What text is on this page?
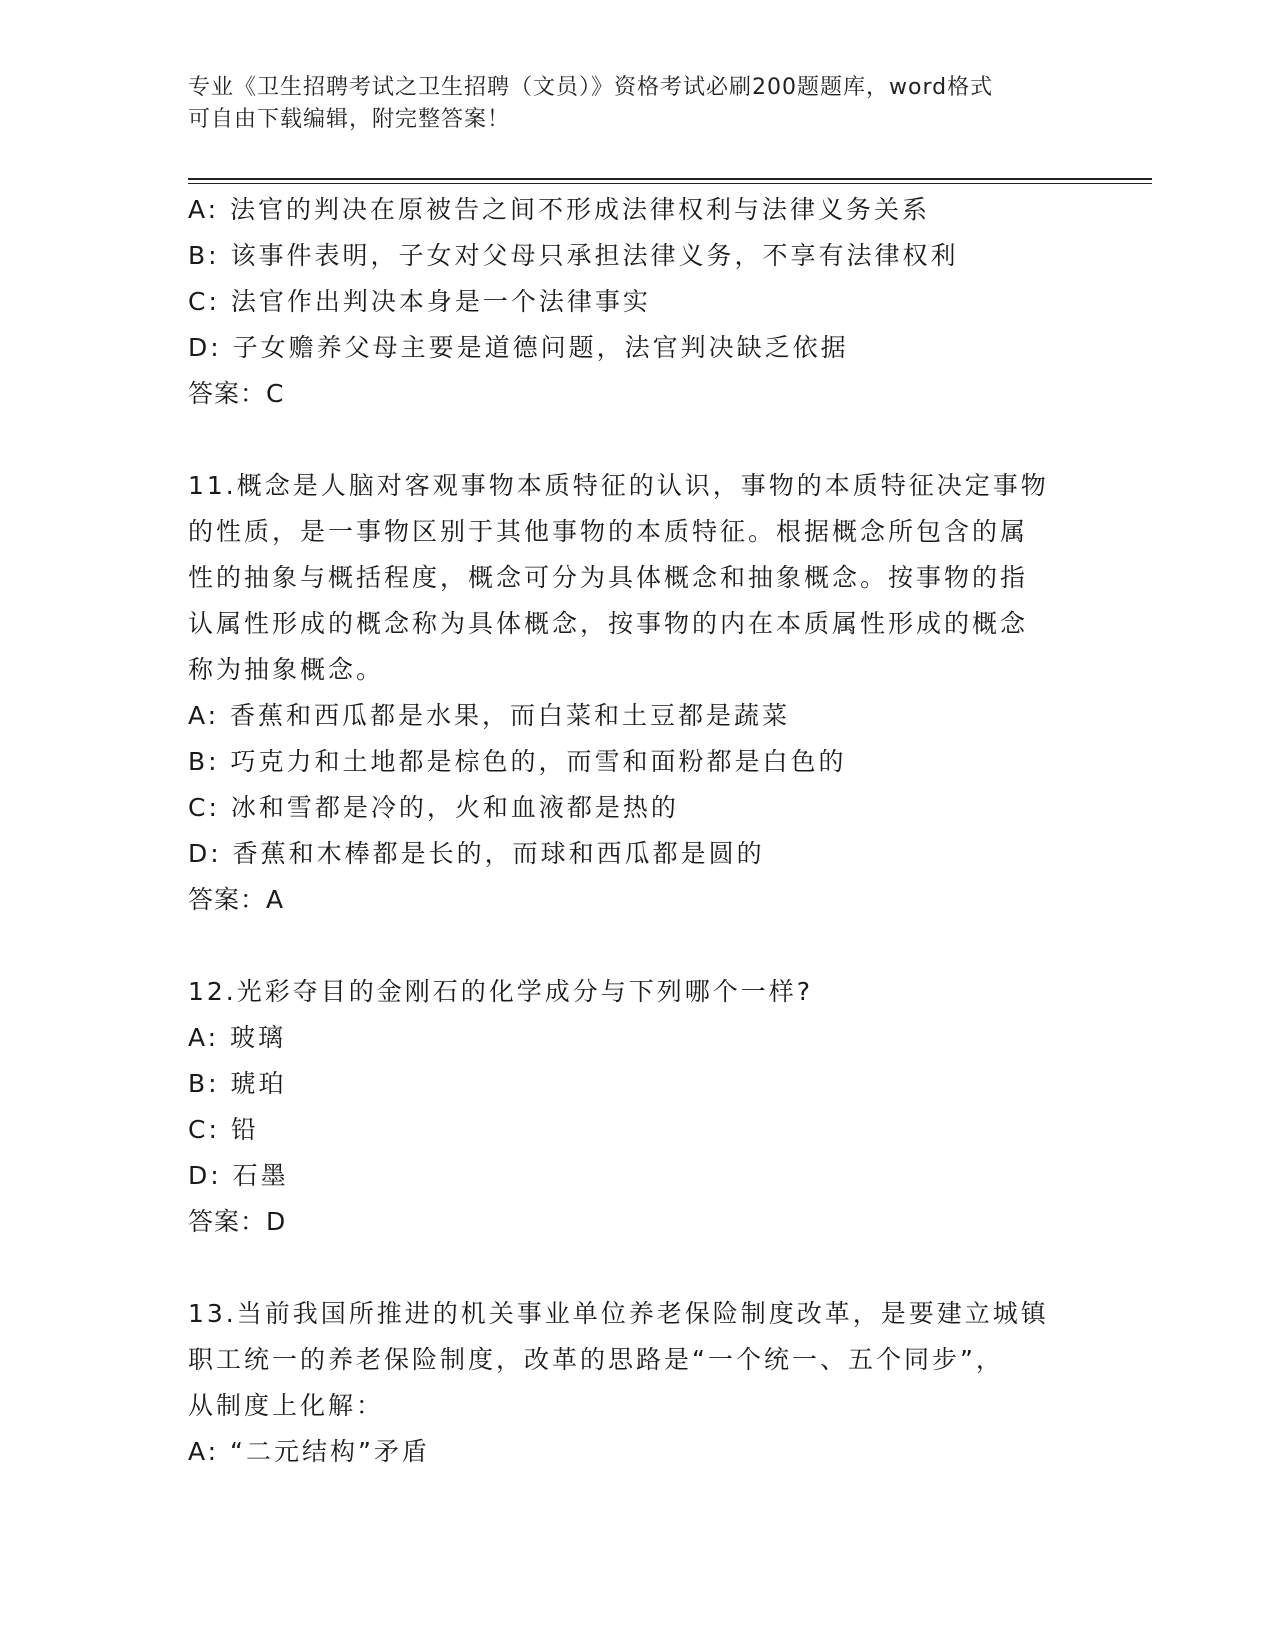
专业《卫生招聘考试之卫生招聘（文员）》资格考试必刷200题题库，word格式
可自由下载编辑，附完整答案！
A: 法官的判决在原被告之间不形成法律权利与法律义务关系
B: 该事件表明，子女对父母只承担法律义务，不享有法律权利
C: 法官作出判决本身是一个法律事实
D: 子女赡养父母主要是道德问题，法官判决缺乏依据
答案：C
11.概念是人脑对客观事物本质特征的认识，事物的本质特征决定事物
的性质，是一事物区别于其他事物的本质特征。根据概念所包含的属
性的抽象与概括程度，概念可分为具体概念和抽象概念。按事物的指
认属性形成的概念称为具体概念，按事物的内在本质属性形成的概念
称为抽象概念。
A: 香蕉和西瓜都是水果，而白菜和土豆都是蔬菜
B: 巧克力和土地都是棕色的，而雪和面粉都是白色的
C: 冰和雪都是冷的，火和血液都是热的
D: 香蕉和木棒都是长的，而球和西瓜都是圆的
答案：A
12.光彩夺目的金刚石的化学成分与下列哪个一样?
A: 玻璃
B: 琥珀
C: 铅
D: 石墨
答案：D
13.当前我国所推进的机关事业单位养老保险制度改革，是要建立城镇
职工统一的养老保险制度，改革的思路是“一个统一、五个同步”，
从制度上化解：
A: “二元结构”矛盾
